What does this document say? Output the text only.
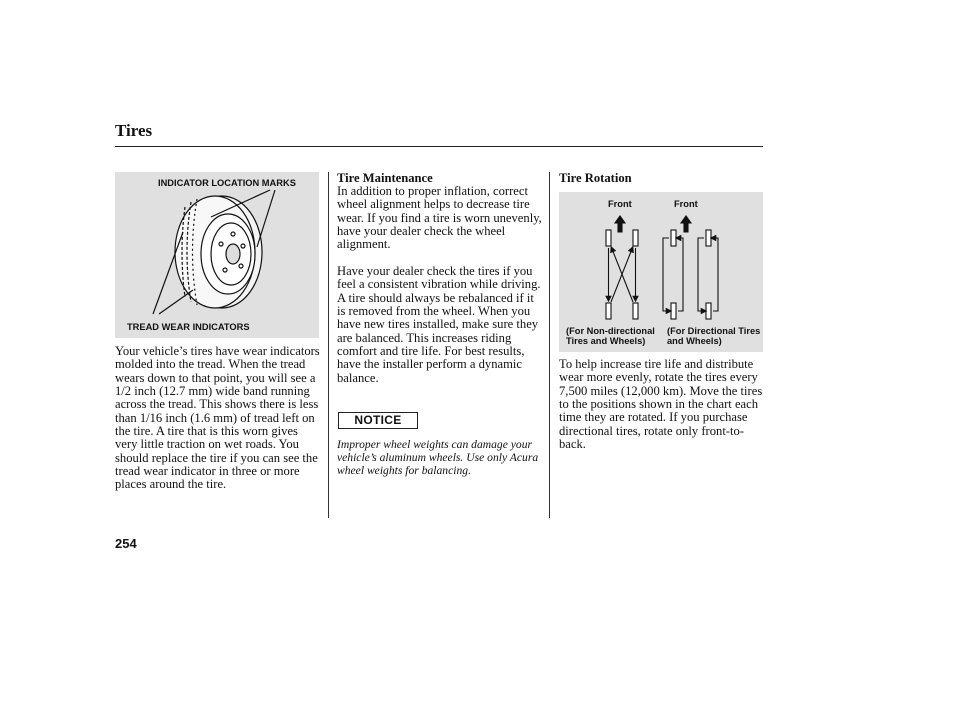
Tires
INDICATOR LOCATION MARKS
TREAD WEAR INDICATORS
Your vehicle’s tires have wear indicators molded into the tread. When the tread wears down to that point, you will see a 1/2 inch (12.7 mm) wide band running across the tread. This shows there is less than 1/16 inch (1.6 mm) of tread left on the tire. A tire that is this worn gives very little traction on wet roads. You should replace the tire if you can see the tread wear indicator in three or more places around the tire.
Tire Maintenance
In addition to proper inflation, correct wheel alignment helps to decrease tire wear. If you find a tire is worn unevenly, have your dealer check the wheel alignment.
Have your dealer check the tires if you feel a consistent vibration while driving. A tire should always be rebalanced if it is removed from the wheel. When you have new tires installed, make sure they are balanced. This increases riding comfort and tire life. For best results, have the installer perform a dynamic balance.
NOTICE
Improper wheel weights can damage your vehicle’s aluminum wheels. Use only Acura wheel weights for balancing.
Tire Rotation
Front	Front
(For Non-directional Tires and Wheels)
(For Directional Tires and Wheels)
To help increase tire life and distribute wear more evenly, rotate the tires every 7,500 miles (12,000 km). Move the tires to the positions shown in the chart each time they are rotated. If you purchase directional tires, rotate only front-to-back.
254
